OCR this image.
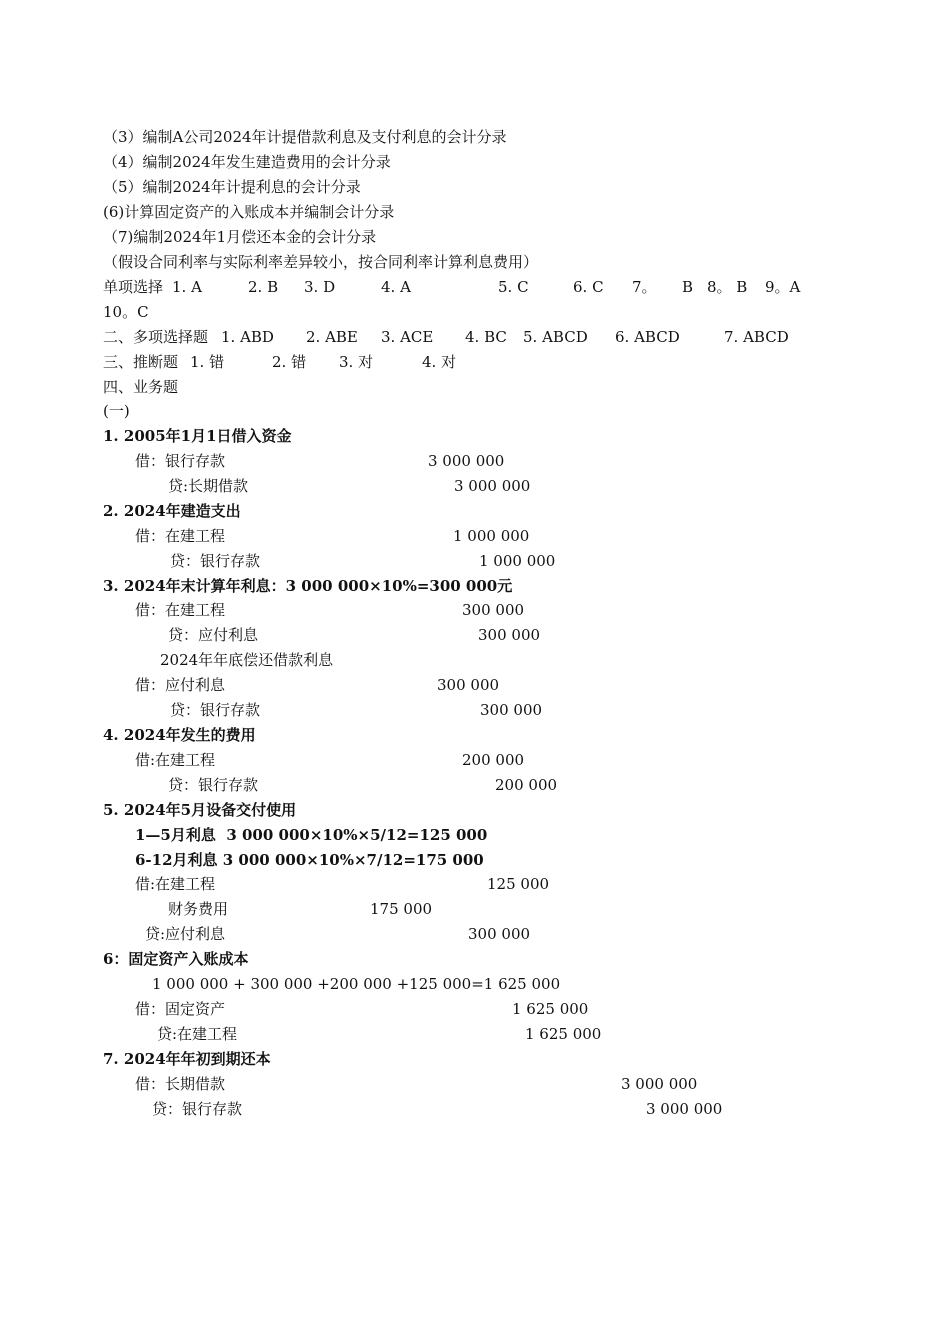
（3）编制A公司2024年计提借款利息及支付利息的会计分录
（4）编制2024年发生建造费用的会计分录
（5）编制2024年计提利息的会计分录
(6)计算固定资产的入账成本并编制会计分录
（7)编制2024年1月偿还本金的会计分录
（假设合同利率与实际利率差异较小，按合同利率计算利息费用）
单项选择 1. A	2. B 3. D	4. A	5. C	6. C 7。 B 8。 B 9。A
10。C
二、多项选择题 1. ABD 2. ABE 3. ACE 4. BC 5. ABCD 6. ABCD	7. ABCD
三、推断题 1. 错	2. 错 3. 对	4. 对
四、业务题
(一)
1. 2005年1月1日借入资金
借：银行存款	3 000 000
贷:长期借款	3 000 000
2. 2024年建造支出
借：在建工程	1 000 000
贷：银行存款	1 000 000
3. 2024年末计算年利息：3 000 000×10%=300 000元
借：在建工程	300 000
贷：应付利息	300 000
2024年年底偿还借款利息
借：应付利息	300 000
贷：银行存款	300 000
4. 2024年发生的费用
借:在建工程	200 000
贷：银行存款	200 000
5. 2024年5月设备交付使用
1—5月利息  3 000 000×10%×5/12=125 000
6-12月利息 3 000 000×10%×7/12=175 000
借:在建工程	125 000
财务费用	175 000
贷:应付利息	300 000
6：固定资产入账成本
1 000 000 + 300 000 +200 000 +125 000=1 625 000
借：固定资产	1 625 000
贷:在建工程	1 625 000
7. 2024年年初到期还本
借：长期借款	3 000 000
贷：银行存款	3 000 000
